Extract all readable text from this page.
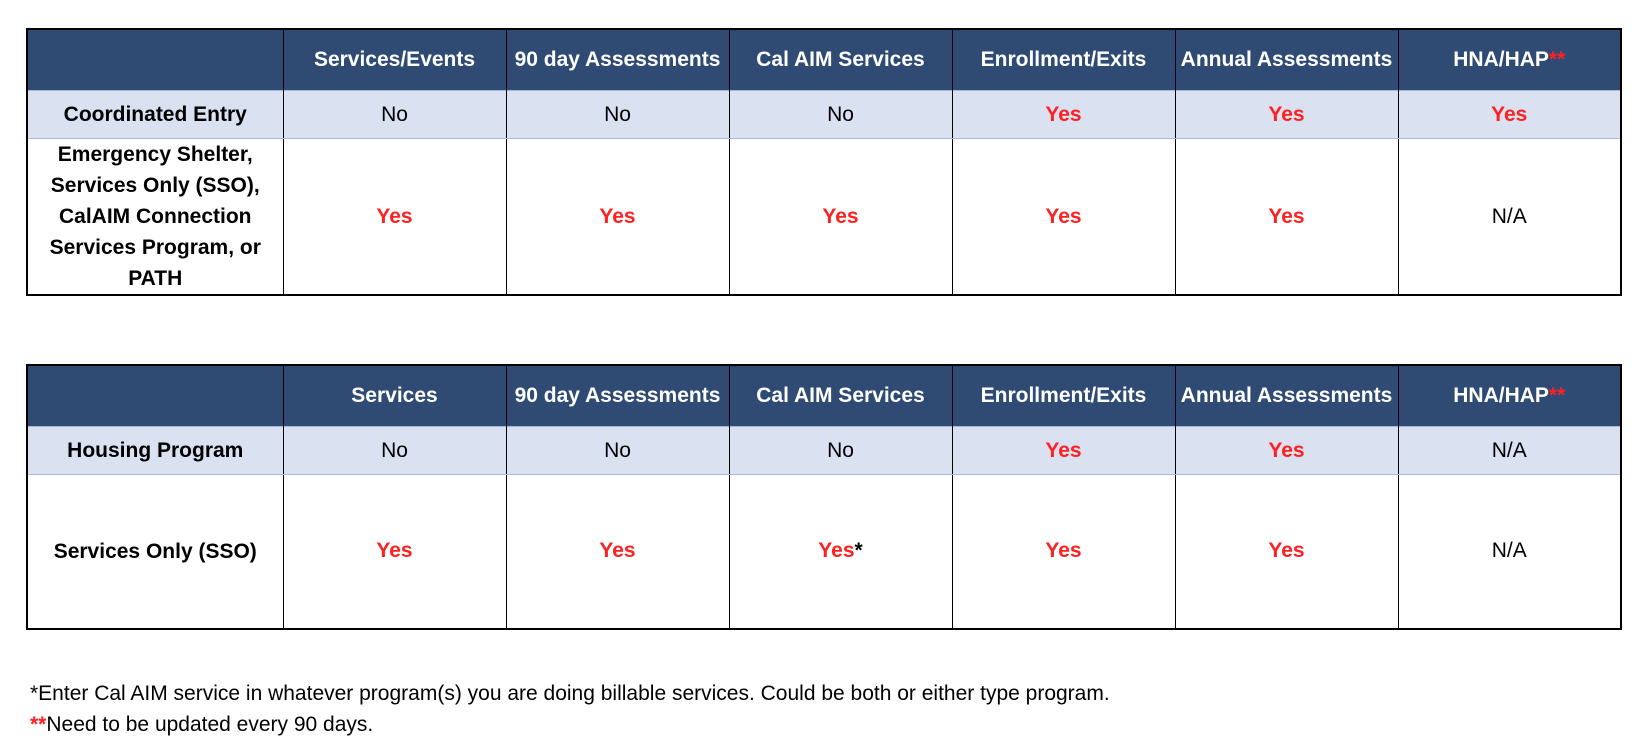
	Services/Events	90 day Assessments	Cal AIM Services	Enrollment/Exits	Annual Assessments	HNA/HAP**
Coordinated Entry	No	No	No	Yes	Yes	Yes

Emergency Shelter,
Services Only (SSO),
CalAIM Connection
Services Program, or
PATH	Yes	Yes	Yes	Yes	Yes	N/A
	Services	90 day Assessments	Cal AIM Services	Enrollment/Exits	Annual Assessments	HNA/HAP**
Housing Program	No	No	No	Yes	Yes	N/A
Services Only (SSO)	Yes	Yes	Yes*	Yes	Yes	N/A
*Enter Cal AIM service in whatever program(s) you are doing billable services. Could be both or either type program.
**Need to be updated every 90 days.
